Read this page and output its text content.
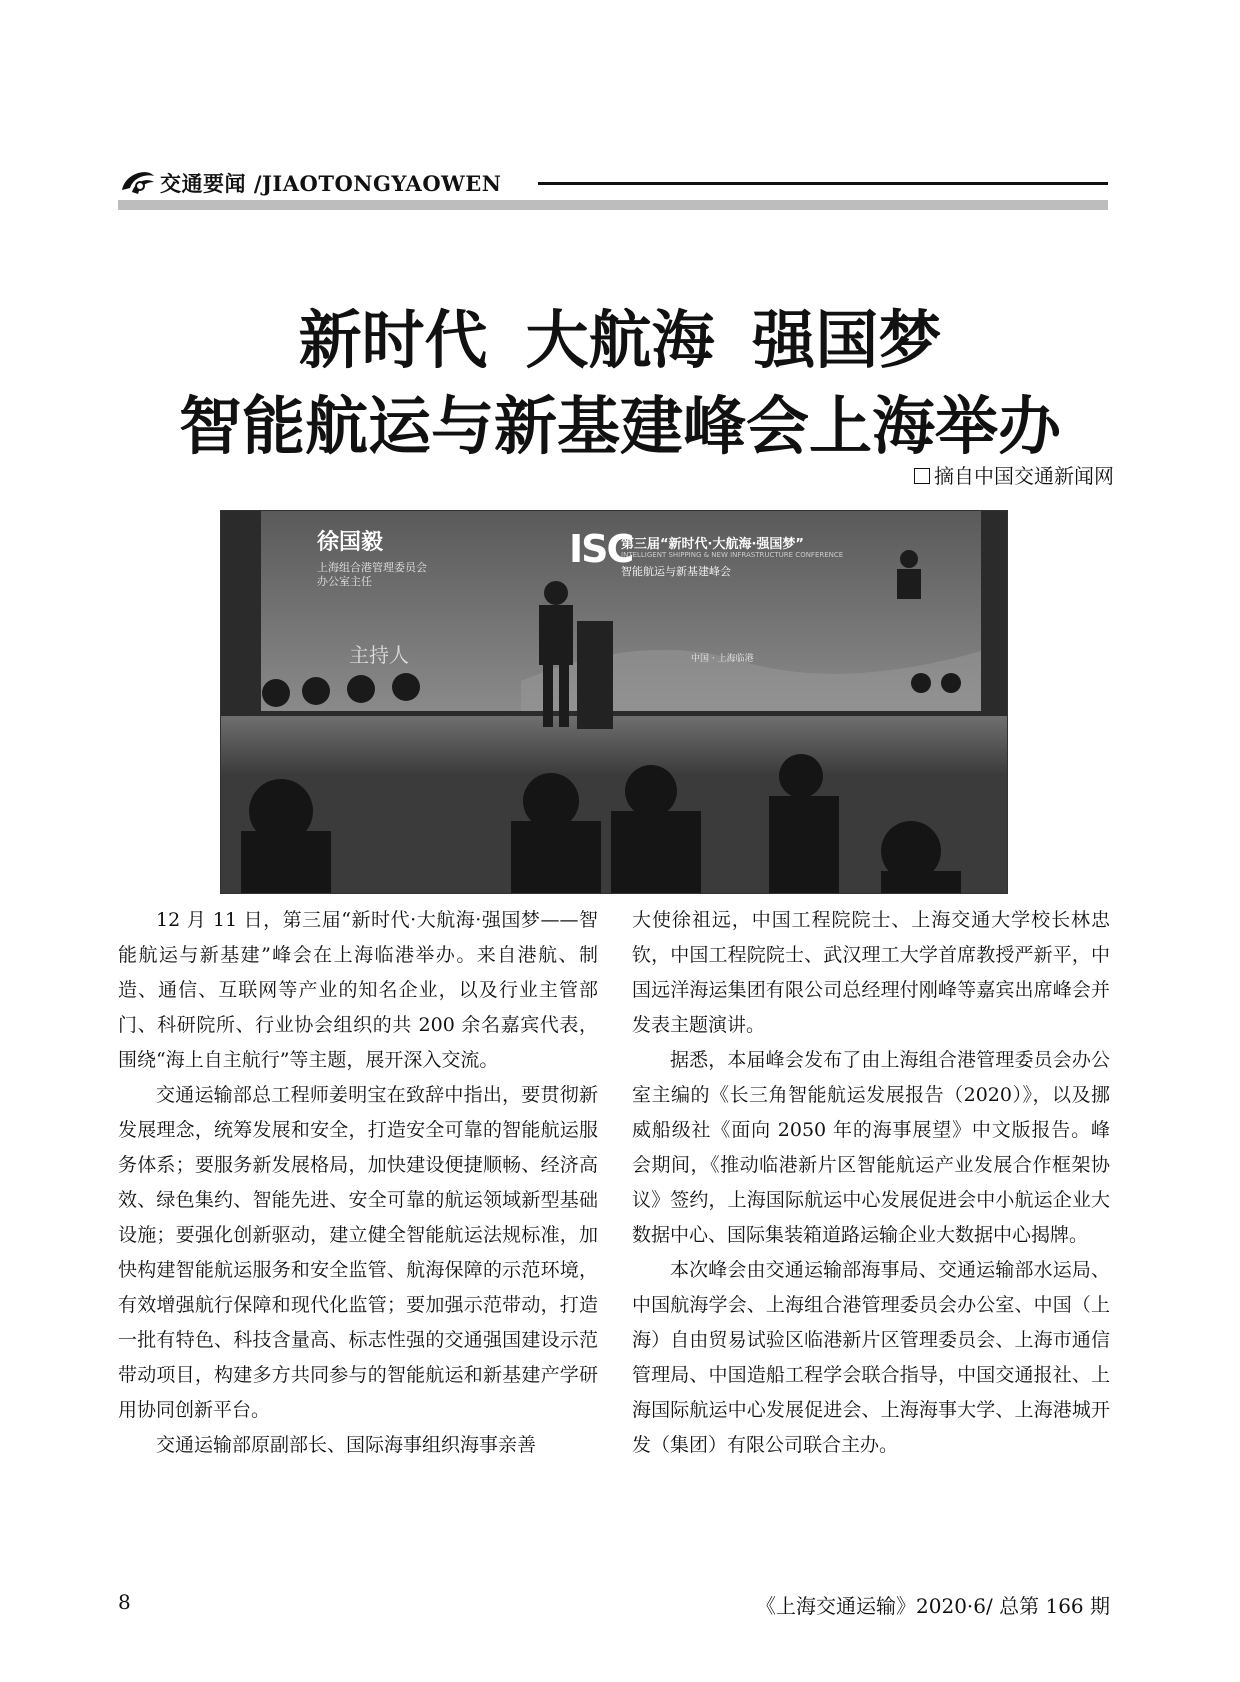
交通要闻 /JIAOTONGYAOWEN
新时代 大航海 强国梦
智能航运与新基建峰会上海举办
摘自中国交通新闻网
徐国毅
上海组合港管理委员会
办公室主任
主持人
ISC
第三届“新时代·大航海·强国梦”
INTELLIGENT SHIPPING & NEW INFRASTRUCTURE CONFERENCE
智能航运与新基建峰会
中国 · 上海临港

12 月 11 日，第三届“新时代·大航海·强国梦——智能航运与新基建”峰会在上海临港举办。来自港航、制造、通信、互联网等产业的知名企业，以及行业主管部门、科研院所、行业协会组织的共 200 余名嘉宾代表，围绕“海上自主航行”等主题，展开深入交流。

交通运输部总工程师姜明宝在致辞中指出，要贯彻新发展理念，统筹发展和安全，打造安全可靠的智能航运服务体系；要服务新发展格局，加快建设便捷顺畅、经济高效、绿色集约、智能先进、安全可靠的航运领域新型基础设施；要强化创新驱动，建立健全智能航运法规标准，加快构建智能航运服务和安全监管、航海保障的示范环境，有效增强航行保障和现代化监管；要加强示范带动，打造一批有特色、科技含量高、标志性强的交通强国建设示范带动项目，构建多方共同参与的智能航运和新基建产学研用协同创新平台。

交通运输部原副部长、国际海事组织海事亲善

大使徐祖远，中国工程院院士、上海交通大学校长林忠钦，中国工程院院士、武汉理工大学首席教授严新平，中国远洋海运集团有限公司总经理付刚峰等嘉宾出席峰会并发表主题演讲。

据悉，本届峰会发布了由上海组合港管理委员会办公室主编的《长三角智能航运发展报告（2020）》，以及挪威船级社《面向 2050 年的海事展望》中文版报告。峰会期间，《推动临港新片区智能航运产业发展合作框架协议》签约，上海国际航运中心发展促进会中小航运企业大数据中心、国际集装箱道路运输企业大数据中心揭牌。

本次峰会由交通运输部海事局、交通运输部水运局、中国航海学会、上海组合港管理委员会办公室、中国（上海）自由贸易试验区临港新片区管理委员会、上海市通信管理局、中国造船工程学会联合指导，中国交通报社、上海国际航运中心发展促进会、上海海事大学、上海港城开发（集团）有限公司联合主办。

8	《上海交通运输》2020·6/ 总第 166 期
